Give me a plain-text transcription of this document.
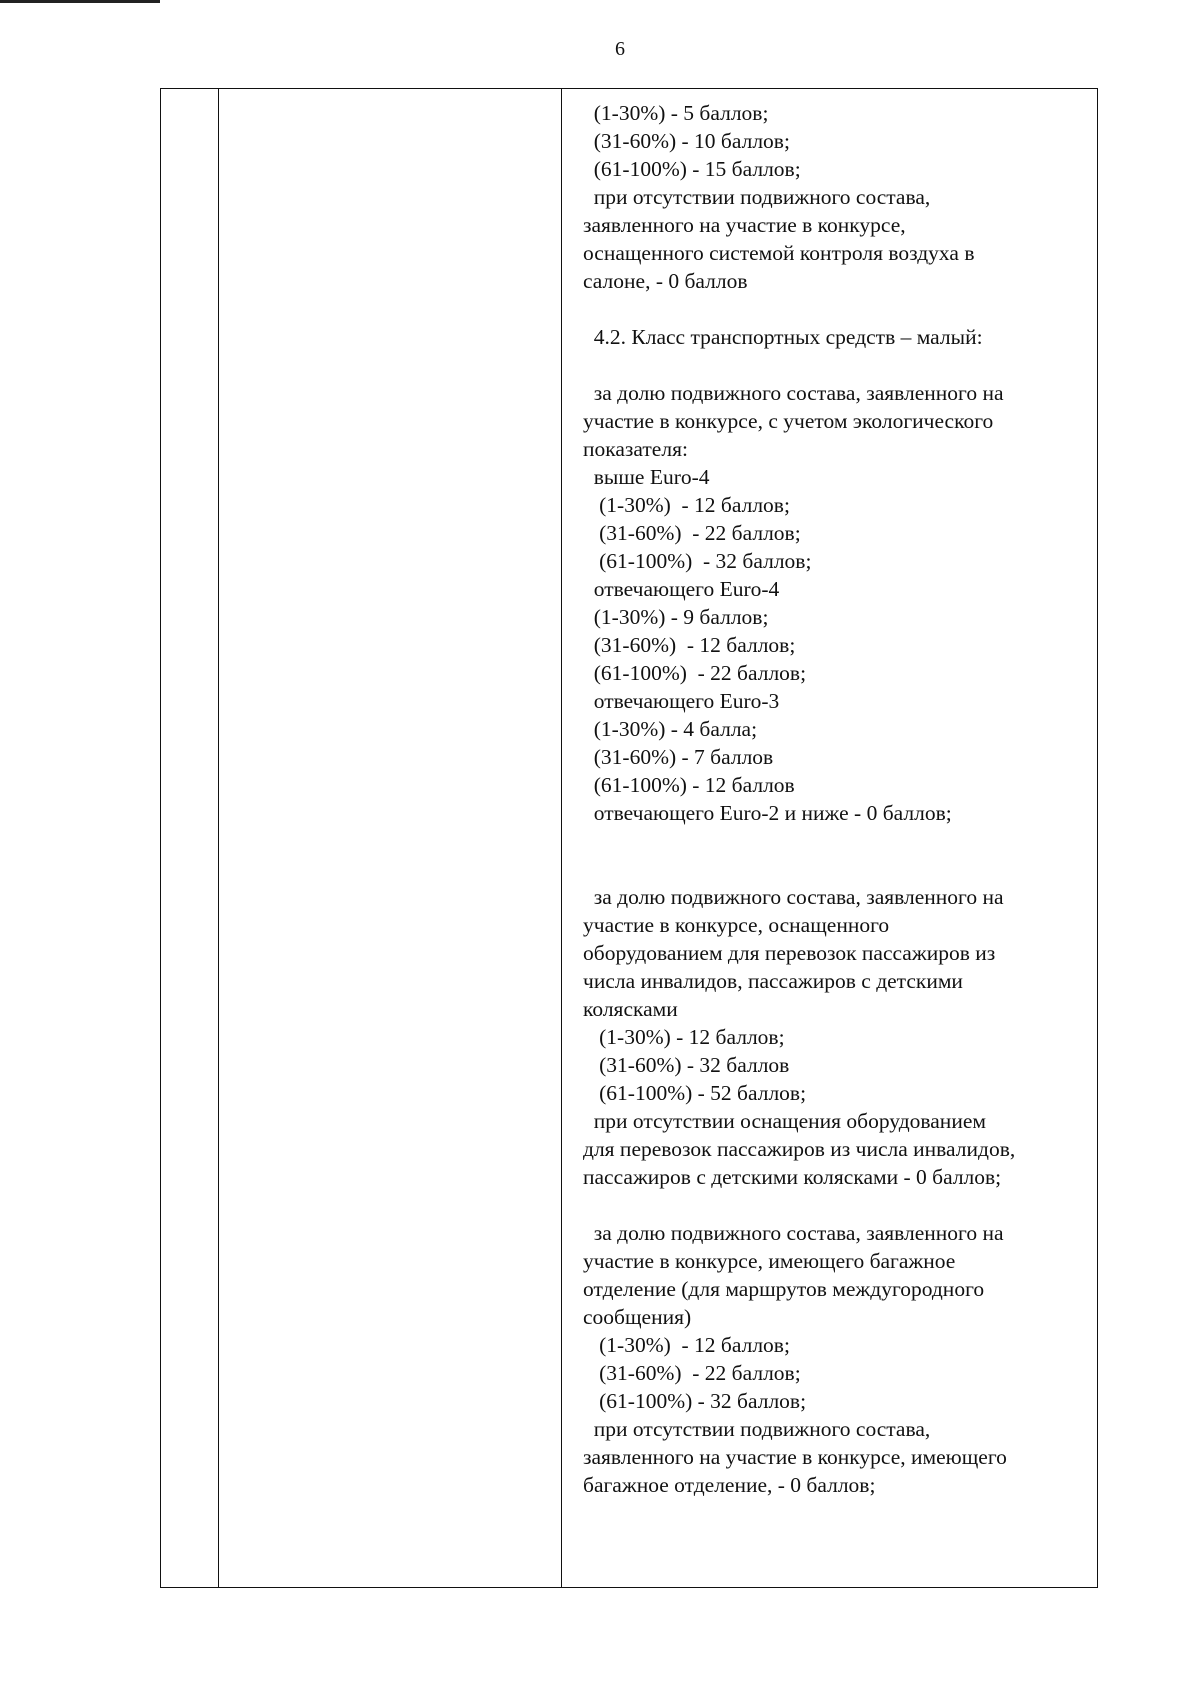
6
(1-30%) - 5 баллов;
(31-60%) - 10 баллов;
(61-100%) - 15 баллов;
при отсутствии подвижного состава,
заявленного на участие в конкурсе,
оснащенного системой контроля воздуха в
салоне, - 0 баллов
4.2. Класс транспортных средств – малый:
за долю подвижного состава, заявленного на
участие в конкурсе, с учетом экологического
показателя:
выше Euro-4
(1-30%)  - 12 баллов;
(31-60%)  - 22 баллов;
(61-100%)  - 32 баллов;
отвечающего Euro-4
(1-30%) - 9 баллов;
(31-60%)  - 12 баллов;
(61-100%)  - 22 баллов;
отвечающего Euro-3
(1-30%) - 4 балла;
(31-60%) - 7 баллов
(61-100%) - 12 баллов
отвечающего Euro-2 и ниже - 0 баллов;
за долю подвижного состава, заявленного на
участие в конкурсе, оснащенного
оборудованием для перевозок пассажиров из
числа инвалидов, пассажиров с детскими
колясками
(1-30%) - 12 баллов;
(31-60%) - 32 баллов
(61-100%) - 52 баллов;
при отсутствии оснащения оборудованием
для перевозок пассажиров из числа инвалидов,
пассажиров с детскими колясками - 0 баллов;
за долю подвижного состава, заявленного на
участие в конкурсе, имеющего багажное
отделение (для маршрутов междугородного
сообщения)
(1-30%)  - 12 баллов;
(31-60%)  - 22 баллов;
(61-100%) - 32 баллов;
при отсутствии подвижного состава,
заявленного на участие в конкурсе, имеющего
багажное отделение, - 0 баллов;
